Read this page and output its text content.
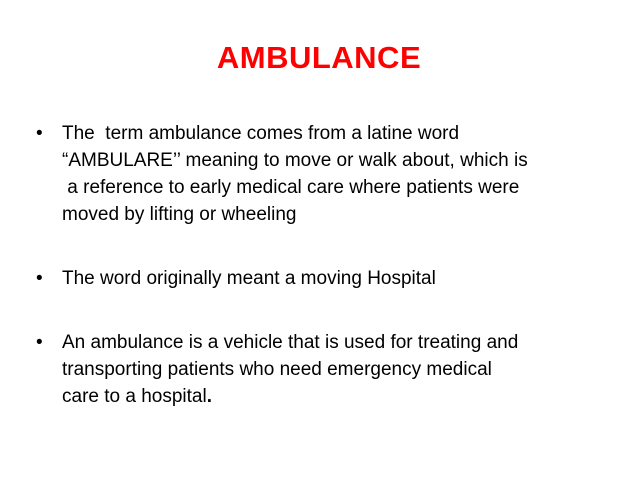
AMBULANCE
• The  term ambulance comes from a latine word
“AMBULARE’’ meaning to move or walk about, which is
a reference to early medical care where patients were
moved by lifting or wheeling
• The word originally meant a moving Hospital
• An ambulance is a vehicle that is used for treating and
transporting patients who need emergency medical
care to a hospital.
